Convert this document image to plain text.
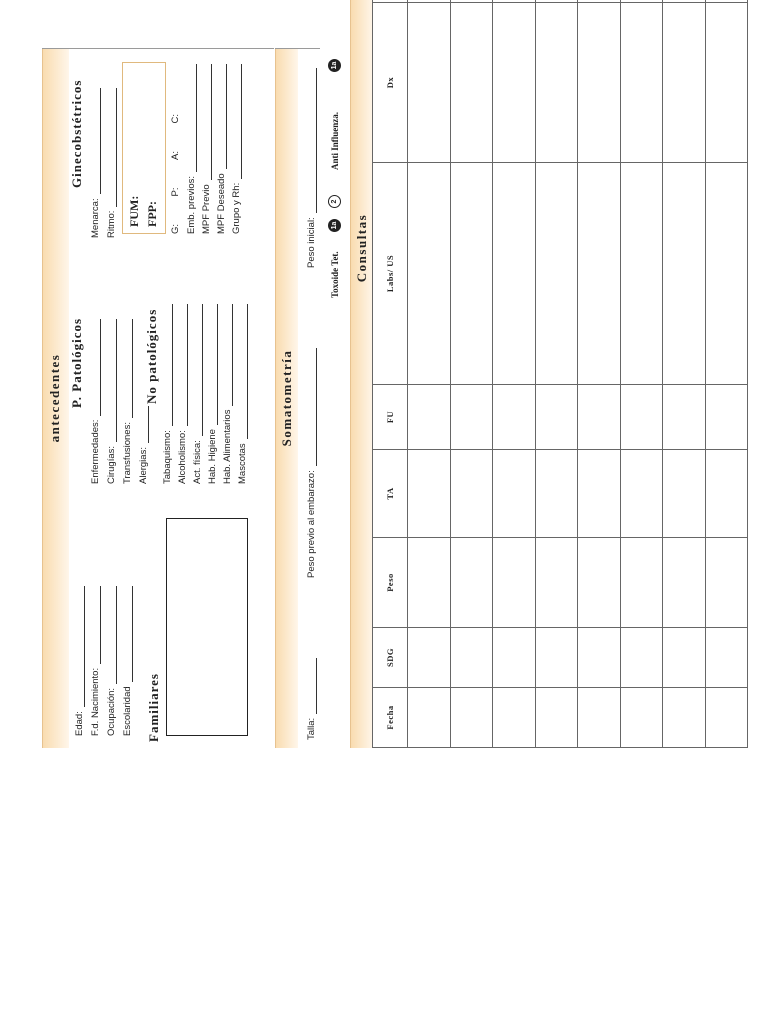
antecedentes
Edad: F.d. Nacimiento: Ocupación: Escolaridad Familiares
P. Patológicos
Enfermedades: Cirugías: Transfusiones: Alergias:
No patológicos
Tabaquismo: Alcoholismo: Act. física: Hab. Higiene Hab. Alimentarios Mascotas
Ginecobstétricos
Menarca: Ritmo: FUM: FPP:
G:
P:
A:
C:
Emb. previos: MPF Previo MPF Deseado Grupo y Rh:
Somatometría
Talla:
Peso previo al embarazo:
Peso inicial:
Toxoide Tet.
1a
2
Anti Influenza.
1a
Consultas
Fecha	SDG	Peso	TA	FU	Labs/ US	Dx	
